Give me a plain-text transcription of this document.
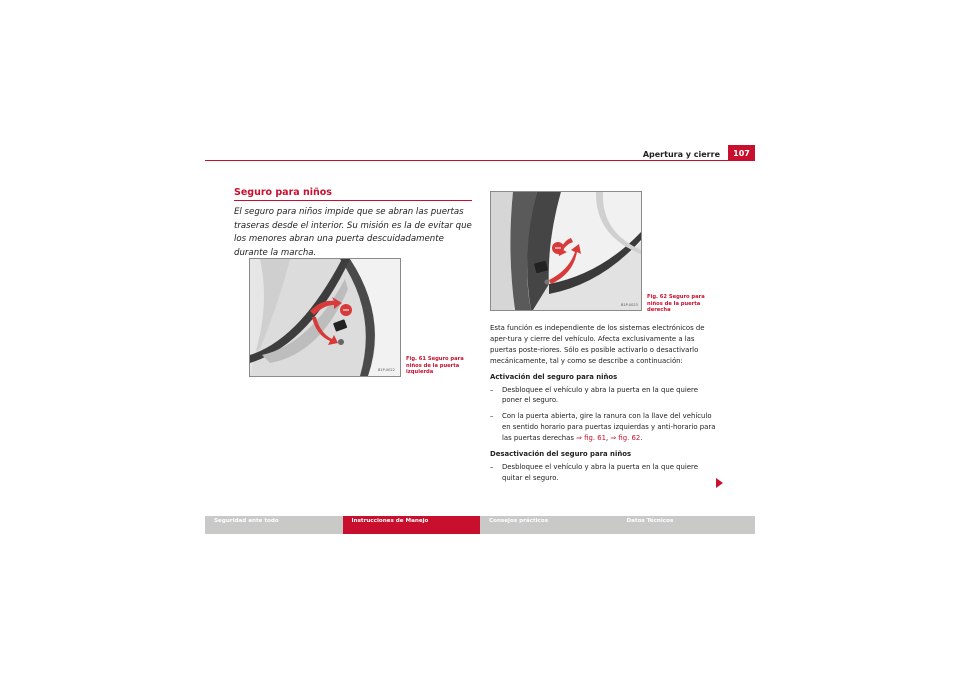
Apertura y cierre	107
Seguro para niños
El seguro para niños impide que se abran las puertas traseras desde el interior. Su misión es la de evitar que los menores abran una puerta descuidadamente durante la marcha.
B1P-0022
Fig. 61 Seguro para niños de la puerta izquierda
B1P-0023
Fig. 62 Seguro para niños de la puerta derecha

Esta función es independiente de los sistemas electrónicos de aper-tura y cierre del vehículo. Afecta exclusivamente a las puertas poste-riores. Sólo es posible activarlo o desactivarlo mecánicamente, tal y como se describe a continuación:

Activación del seguro para niños
– Desbloquee el vehículo y abra la puerta en la que quiere poner el seguro.
– Con la puerta abierta, gire la ranura con la llave del vehículo en sentido horario para puertas izquierdas y anti-horario para las puertas derechas ⇒ fig. 61, ⇒ fig. 62.
Desactivación del seguro para niños
– Desbloquee el vehículo y abra la puerta en la que quiere quitar el seguro.
Seguridad ante todo	Instrucciones de Manejo	Consejos prácticos	Datos Técnicos
